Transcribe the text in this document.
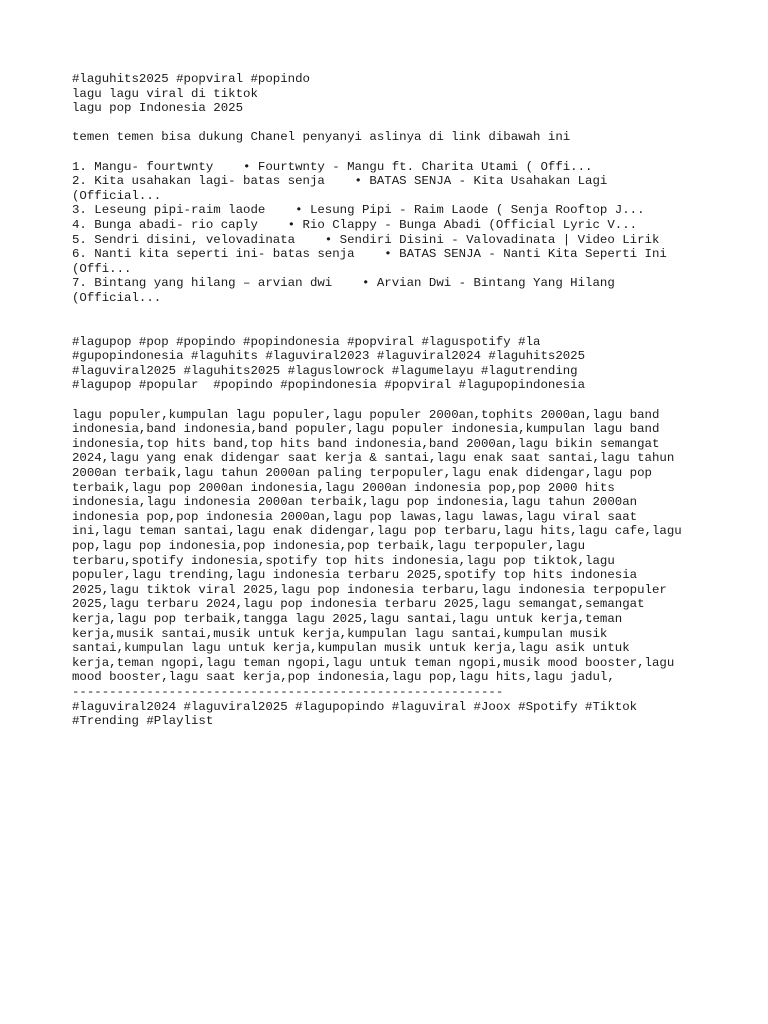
#laguhits2025 #popviral #popindo
lagu lagu viral di tiktok
lagu pop Indonesia 2025
temen temen bisa dukung Chanel penyanyi aslinya di link dibawah ini
1. Mangu- fourtwnty    • Fourtwnty - Mangu ft. Charita Utami ( Offi...
2. Kita usahakan lagi- batas senja    • BATAS SENJA - Kita Usahakan Lagi
(Official...
3. Leseung pipi-raim laode    • Lesung Pipi - Raim Laode ( Senja Rooftop J...
4. Bunga abadi- rio caply    • Rio Clappy - Bunga Abadi (Official Lyric V...
5. Sendri disini, velovadinata    • Sendiri Disini - Valovadinata | Video Lirik
6. Nanti kita seperti ini- batas senja    • BATAS SENJA - Nanti Kita Seperti Ini
(Offi...
7. Bintang yang hilang – arvian dwi    • Arvian Dwi - Bintang Yang Hilang
(Official...
#lagupop #pop #popindo #popindonesia #popviral #laguspotify #la
#gupopindonesia #laguhits #laguviral2023 #laguviral2024 #laguhits2025
#laguviral2025 #laguhits2025 #laguslowrock #lagumelayu #lagutrending
#lagupop #popular  #popindo #popindonesia #popviral #lagupopindonesia
lagu populer,kumpulan lagu populer,lagu populer 2000an,tophits 2000an,lagu band
indonesia,band indonesia,band populer,lagu populer indonesia,kumpulan lagu band
indonesia,top hits band,top hits band indonesia,band 2000an,lagu bikin semangat
2024,lagu yang enak didengar saat kerja & santai,lagu enak saat santai,lagu tahun
2000an terbaik,lagu tahun 2000an paling terpopuler,lagu enak didengar,lagu pop
terbaik,lagu pop 2000an indonesia,lagu 2000an indonesia pop,pop 2000 hits
indonesia,lagu indonesia 2000an terbaik,lagu pop indonesia,lagu tahun 2000an
indonesia pop,pop indonesia 2000an,lagu pop lawas,lagu lawas,lagu viral saat
ini,lagu teman santai,lagu enak didengar,lagu pop terbaru,lagu hits,lagu cafe,lagu
pop,lagu pop indonesia,pop indonesia,pop terbaik,lagu terpopuler,lagu
terbaru,spotify indonesia,spotify top hits indonesia,lagu pop tiktok,lagu
populer,lagu trending,lagu indonesia terbaru 2025,spotify top hits indonesia
2025,lagu tiktok viral 2025,lagu pop indonesia terbaru,lagu indonesia terpopuler
2025,lagu terbaru 2024,lagu pop indonesia terbaru 2025,lagu semangat,semangat
kerja,lagu pop terbaik,tangga lagu 2025,lagu santai,lagu untuk kerja,teman
kerja,musik santai,musik untuk kerja,kumpulan lagu santai,kumpulan musik
santai,kumpulan lagu untuk kerja,kumpulan musik untuk kerja,lagu asik untuk
kerja,teman ngopi,lagu teman ngopi,lagu untuk teman ngopi,musik mood booster,lagu
mood booster,lagu saat kerja,pop indonesia,lagu pop,lagu hits,lagu jadul,
----------------------------------------------------------
#laguviral2024 #laguviral2025 #lagupopindo #laguviral #Joox #Spotify #Tiktok
#Trending #Playlist
